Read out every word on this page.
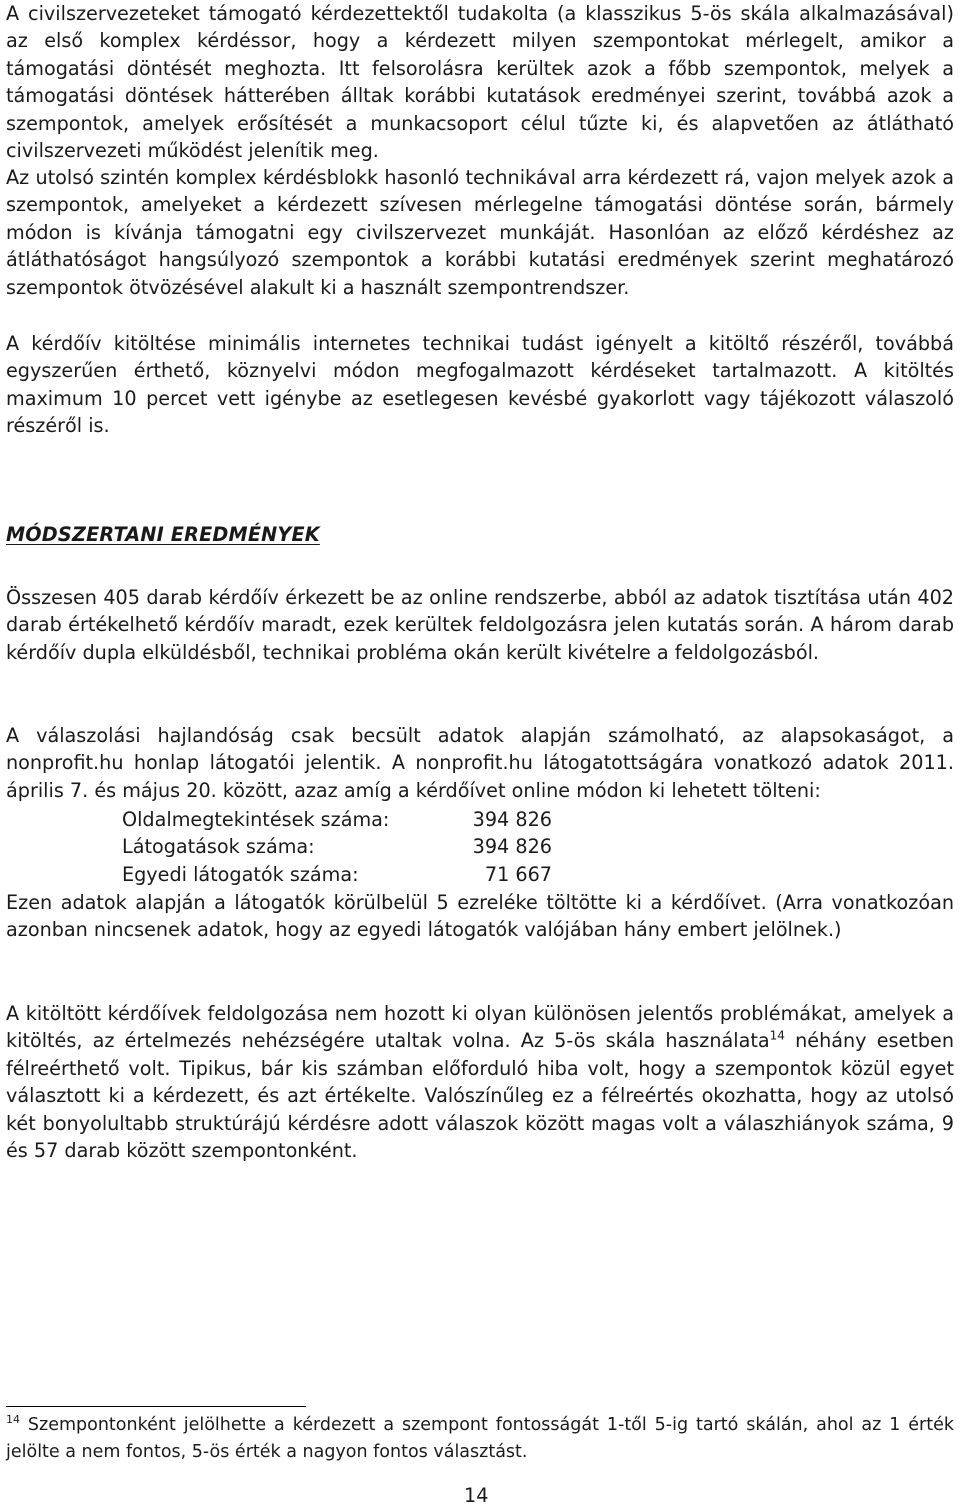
A civilszervezeteket támogató kérdezettektől tudakolta (a klasszikus 5-ös skála alkalmazásával) az első komplex kérdéssor, hogy a kérdezett milyen szempontokat mérlegelt, amikor a támogatási döntését meghozta. Itt felsorolásra kerültek azok a főbb szempontok, melyek a támogatási döntések hátterében álltak korábbi kutatások eredményei szerint, továbbá azok a szempontok, amelyek erősítését a munkacsoport célul tűzte ki, és alapvetően az átlátható civilszervezeti működést jelenítik meg.

Az utolsó szintén komplex kérdésblokk hasonló technikával arra kérdezett rá, vajon melyek azok a szempontok, amelyeket a kérdezett szívesen mérlegelne támogatási döntése során, bármely módon is kívánja támogatni egy civilszervezet munkáját. Hasonlóan az előző kérdéshez az átláthatóságot hangsúlyozó szempontok a korábbi kutatási eredmények szerint meghatározó szempontok ötvözésével alakult ki a használt szempontrendszer.

A kérdőív kitöltése minimális internetes technikai tudást igényelt a kitöltő részéről, továbbá egyszerűen érthető, köznyelvi módon megfogalmazott kérdéseket tartalmazott. A kitöltés maximum 10 percet vett igénybe az esetlegesen kevésbé gyakorlott vagy tájékozott válaszoló részéről is.

MÓDSZERTANI EREDMÉNYEK

Összesen 405 darab kérdőív érkezett be az online rendszerbe, abból az adatok tisztítása után 402 darab értékelhető kérdőív maradt, ezek kerültek feldolgozásra jelen kutatás során. A három darab kérdőív dupla elküldésből, technikai probléma okán került kivételre a feldolgozásból.

A válaszolási hajlandóság csak becsült adatok alapján számolható, az alapsokaságot, a nonprofit.hu honlap látogatói jelentik. A nonprofit.hu látogatottságára vonatkozó adatok 2011. április 7. és május 20. között, azaz amíg a kérdőívet online módon ki lehetett tölteni:

Oldalmegtekintések száma:	394 826
Látogatások száma:	394 826
Egyedi látogatók száma:	71 667

Ezen adatok alapján a látogatók körülbelül 5 ezreléke töltötte ki a kérdőívet. (Arra vonatkozóan azonban nincsenek adatok, hogy az egyedi látogatók valójában hány embert jelölnek.)

A kitöltött kérdőívek feldolgozása nem hozott ki olyan különösen jelentős problémákat, amelyek a kitöltés, az értelmezés nehézségére utaltak volna. Az 5-ös skála használata$^{14}$ néhány esetben félreérthető volt. Tipikus, bár kis számban előforduló hiba volt, hogy a szempontok közül egyet választott ki a kérdezett, és azt értékelte. Valószínűleg ez a félreértés okozhatta, hogy az utolsó két bonyolultabb struktúrájú kérdésre adott válaszok között magas volt a válaszhiányok száma, 9 és 57 darab között szempontonként.

$^{14}$ Szempontonként jelölhette a kérdezett a szempont fontosságát 1-től 5-ig tartó skálán, ahol az 1 érték jelölte a nem fontos, 5-ös érték a nagyon fontos választást.

14
